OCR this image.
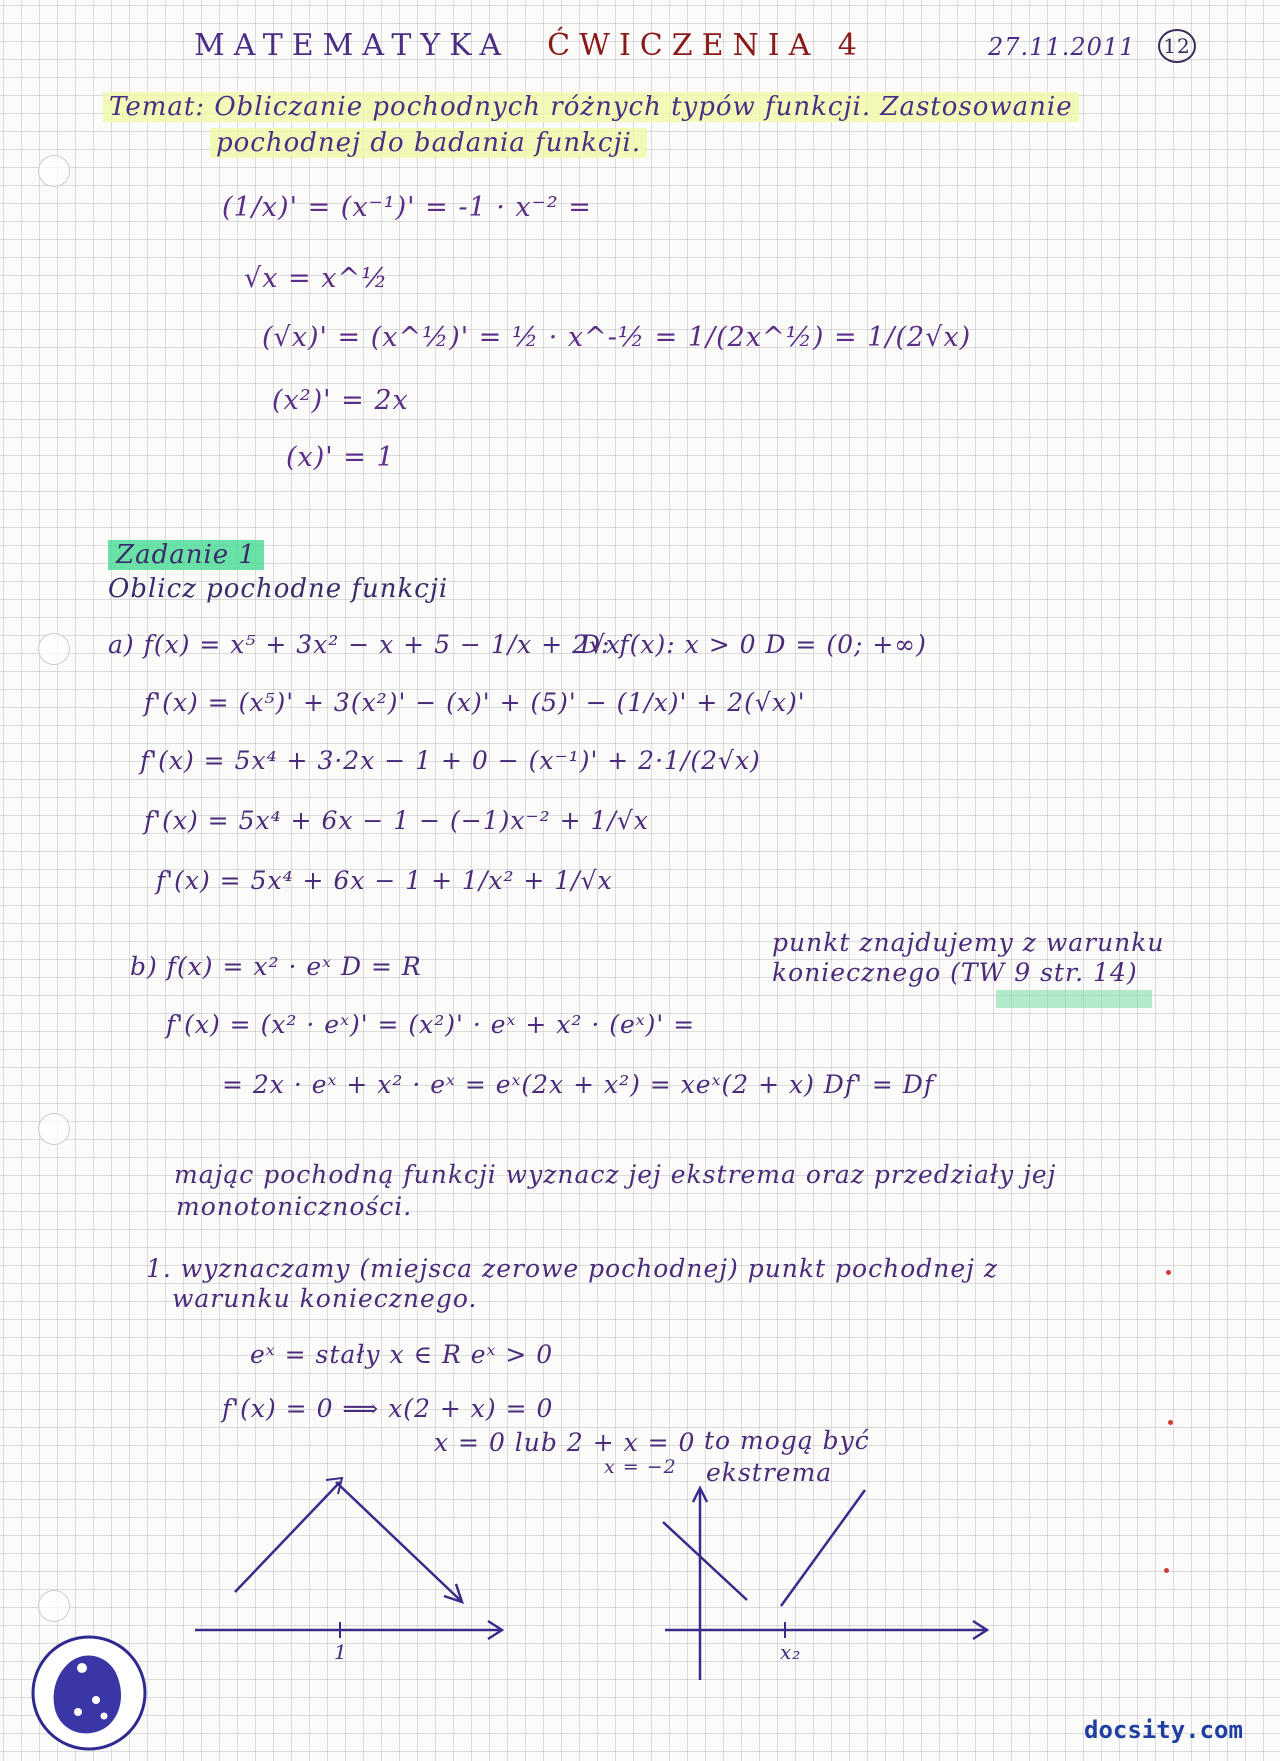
MATEMATYKA ĆWICZENIA 4	27.11.2011 12
Temat: Obliczanie pochodnych różnych typów funkcji. Zastosowanie
pochodnej do badania funkcji.
(1/x)' = (x⁻¹)' = -1 · x⁻² =
√x = x^½
(√x)' = (x^½)' = ½ · x^-½ = 1/(2x^½) = 1/(2√x)
(x²)' = 2x
(x)' = 1
Zadanie 1
Oblicz pochodne funkcji
a) f(x) = x⁵ + 3x² − x + 5 − 1/x + 2√x
D: f(x): x > 0 D = (0; +∞)
f'(x) = (x⁵)' + 3(x²)' − (x)' + (5)' − (1/x)' + 2(√x)'
f'(x) = 5x⁴ + 3·2x − 1 + 0 − (x⁻¹)' + 2·1/(2√x)
f'(x) = 5x⁴ + 6x − 1 − (−1)x⁻² + 1/√x
f'(x) = 5x⁴ + 6x − 1 + 1/x² + 1/√x
b) f(x) = x² · eˣ D = R
punkt znajdujemy z warunku
koniecznego (TW 9 str. 14)
f'(x) = (x² · eˣ)' = (x²)' · eˣ + x² · (eˣ)' =
= 2x · eˣ + x² · eˣ = eˣ(2x + x²) = xeˣ(2 + x) Df' = Df
mając pochodną funkcji wyznacz jej ekstrema oraz przedziały jej
monotoniczności.
1. wyznaczamy (miejsca zerowe pochodnej) punkt pochodnej z
warunku koniecznego.
eˣ = stały x ∈ R eˣ > 0
f'(x) = 0 ⟹ x(2 + x) = 0
x = 0 lub 2 + x = 0
x = −2
to mogą być
ekstrema
1	x₂
docsity.com
